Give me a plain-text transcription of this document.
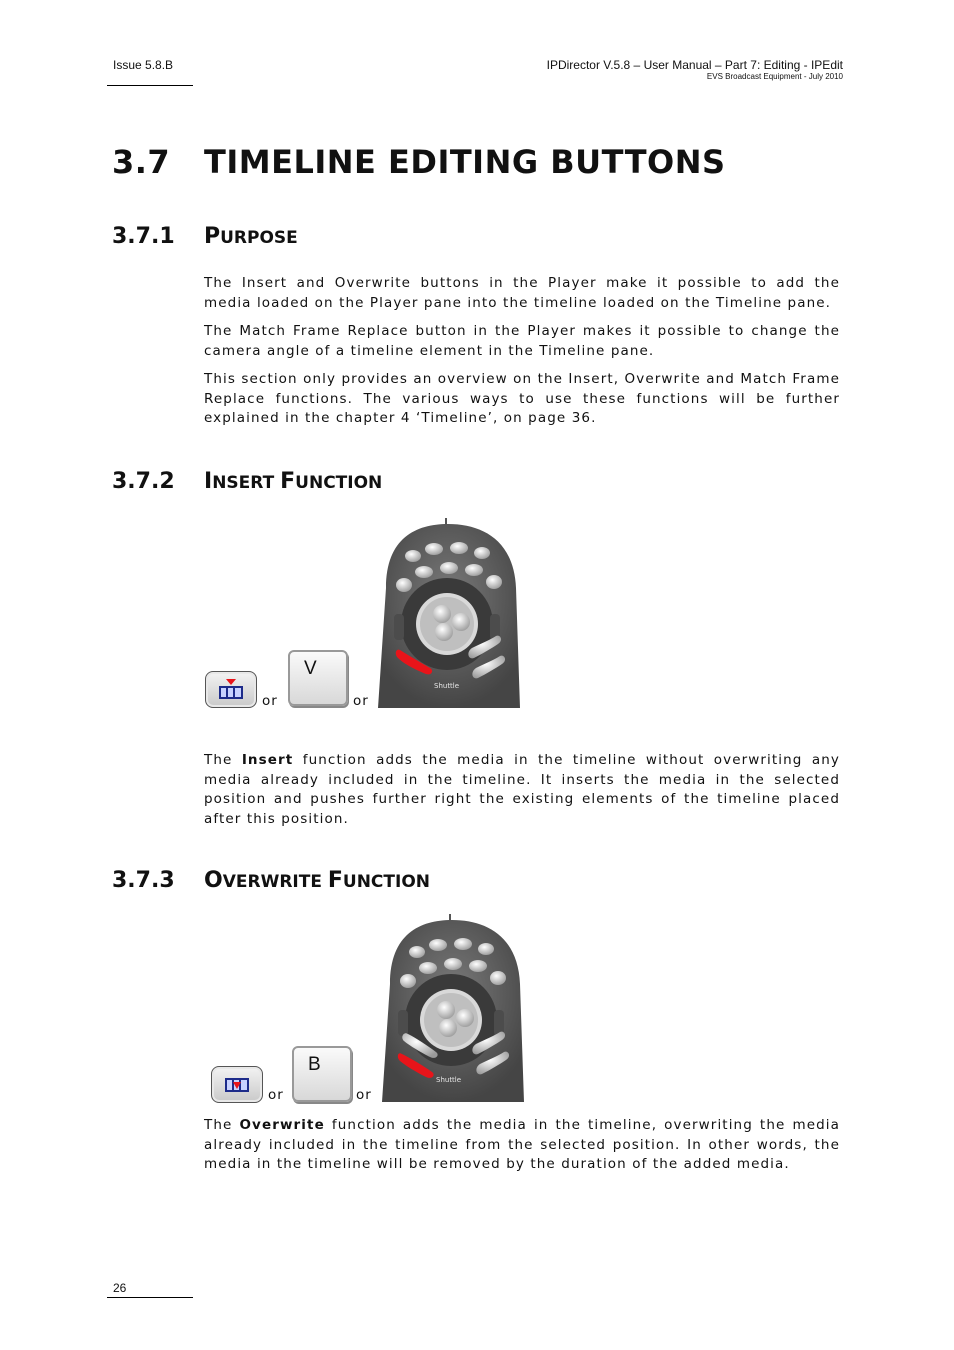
Issue 5.8.B	IPDirector V.5.8 – User Manual – Part 7: Editing - IPEdit
EVS Broadcast Equipment - July 2010
3.7 TIMELINE EDITING BUTTONS
3.7.1 PURPOSE
The Insert and Overwrite buttons in the Player make it possible to add the media loaded on the Player pane into the timeline loaded on the Timeline pane.
The Match Frame Replace button in the Player makes it possible to change the camera angle of a timeline element in the Timeline pane.
This section only provides an overview on the Insert, Overwrite and Match Frame Replace functions. The various ways to use these functions will be further explained in the chapter 4 ‘Timeline’, on page 36.
3.7.2 INSERT FUNCTION
or
V
or
Shuttle
The Insert function adds the media in the timeline without overwriting any media already included in the timeline. It inserts the media in the selected position and pushes further right the existing elements of the timeline placed after this position.
3.7.3 OVERWRITE FUNCTION
or
B
or
Shuttle
The Overwrite function adds the media in the timeline, overwriting the media already included in the timeline from the selected position. In other words, the media in the timeline will be removed by the duration of the added media.
26
